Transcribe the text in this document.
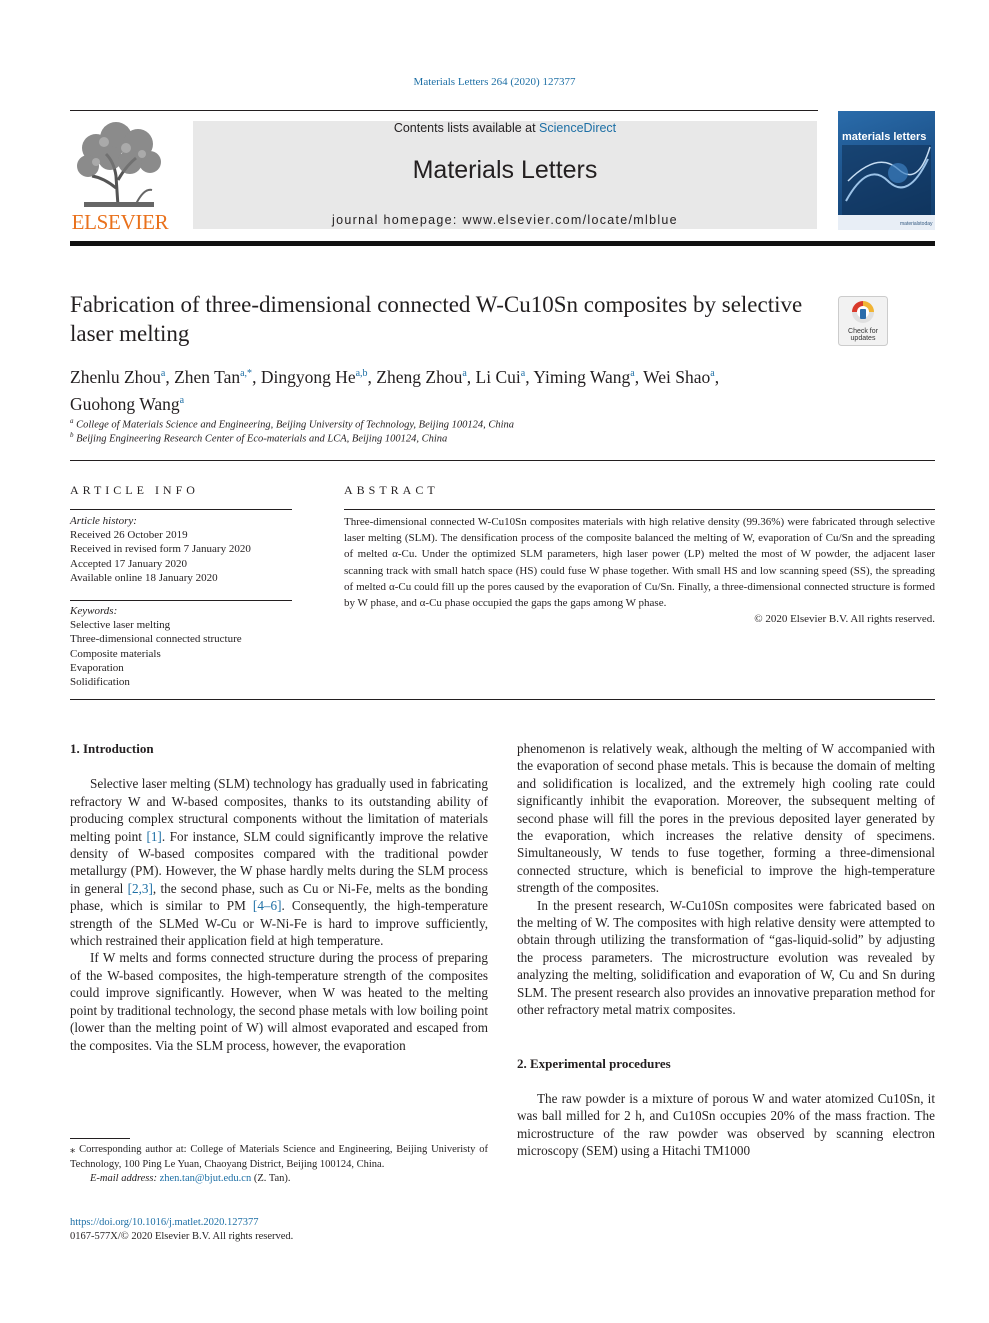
Materials Letters 264 (2020) 127377
ELSEVIER
Contents lists available at ScienceDirect
Materials Letters
journal homepage: www.elsevier.com/locate/mlblue
materials letters
materialstoday
Fabrication of three-dimensional connected W-Cu10Sn composites by selective laser melting	Check for
updates
Zhenlu Zhou$^a$, Zhen Tan$^{a,*}$, Dingyong He$^{a,b}$, Zheng Zhou$^a$, Li Cui$^a$, Yiming Wang$^a$, Wei Shao$^a$,
Guohong Wang$^a$
$^a$ College of Materials Science and Engineering, Beijing University of Technology, Beijing 100124, China
$^b$ Beijing Engineering Research Center of Eco-materials and LCA, Beijing 100124, China
ARTICLE INFO	ABSTRACT
Article history:
Received 26 October 2019
Received in revised form 7 January 2020
Accepted 17 January 2020
Available online 18 January 2020
Keywords:
Selective laser melting
Three-dimensional connected structure
Composite materials
Evaporation
Solidification
Three-dimensional connected W-Cu10Sn composites materials with high relative density (99.36%) were fabricated through selective laser melting (SLM). The densification process of the composite balanced the melting of W, evaporation of Cu/Sn and the spreading of melted α-Cu. Under the optimized SLM parameters, high laser power (LP) melted the most of W powder, the adjacent laser scanning track with small hatch space (HS) could fuse W phase together. With small HS and low scanning speed (SS), the spreading of melted α-Cu could fill up the pores caused by the evaporation of Cu/Sn. Finally, a three-dimensional connected structure is formed by W phase, and α-Cu phase occupied the gaps the gaps among W phase.
© 2020 Elsevier B.V. All rights reserved.
1. Introduction

Selective laser melting (SLM) technology has gradually used in fabricating refractory W and W-based composites, thanks to its outstanding ability of producing complex structural components without the limitation of materials melting point [1]. For instance, SLM could significantly improve the relative density of W-based composites compared with the traditional powder metallurgy (PM). However, the W phase hardly melts during the SLM process in general [2,3], the second phase, such as Cu or Ni-Fe, melts as the bonding phase, which is similar to PM [4–6]. Consequently, the high-temperature strength of the SLMed W-Cu or W-Ni-Fe is hard to improve sufficiently, which restrained their application field at high temperature.

If W melts and forms connected structure during the process of preparing of the W-based composites, the high-temperature strength of the composites could improve significantly. However, when W was heated to the melting point by traditional technology, the second phase metals with low boiling point (lower than the melting point of W) will almost evaporated and escaped from the composites. Via the SLM process, however, the evaporation

phenomenon is relatively weak, although the melting of W accompanied with the evaporation of second phase metals. This is because the domain of melting and solidification is localized, and the extremely high cooling rate could significantly inhibit the evaporation. Moreover, the subsequent melting of second phase will fill the pores in the previous deposited layer generated by the evaporation, which increases the relative density of specimens. Simultaneously, W tends to fuse together, forming a three-dimensional connected structure, which is beneficial to improve the high-temperature strength of the composites.

In the present research, W-Cu10Sn composites were fabricated based on the melting of W. The composites with high relative density were attempted to obtain through utilizing the transformation of “gas-liquid-solid” by adjusting the process parameters. The microstructure evolution was revealed by analyzing the melting, solidification and evaporation of W, Cu and Sn during SLM. The present research also provides an innovative preparation method for other refractory metal matrix composites.

2. Experimental procedures

The raw powder is a mixture of porous W and water atomized Cu10Sn, it was ball milled for 2 h, and Cu10Sn occupies 20% of the mass fraction. The microstructure of the raw powder was observed by scanning electron microscopy (SEM) using a Hitachi TM1000

⁎ Corresponding author at: College of Materials Science and Engineering, Beijing Univeristy of Technology, 100 Ping Le Yuan, Chaoyang District, Beijing 100124, China.
E-mail address: zhen.tan@bjut.edu.cn (Z. Tan).
https://doi.org/10.1016/j.matlet.2020.127377
0167-577X/© 2020 Elsevier B.V. All rights reserved.
